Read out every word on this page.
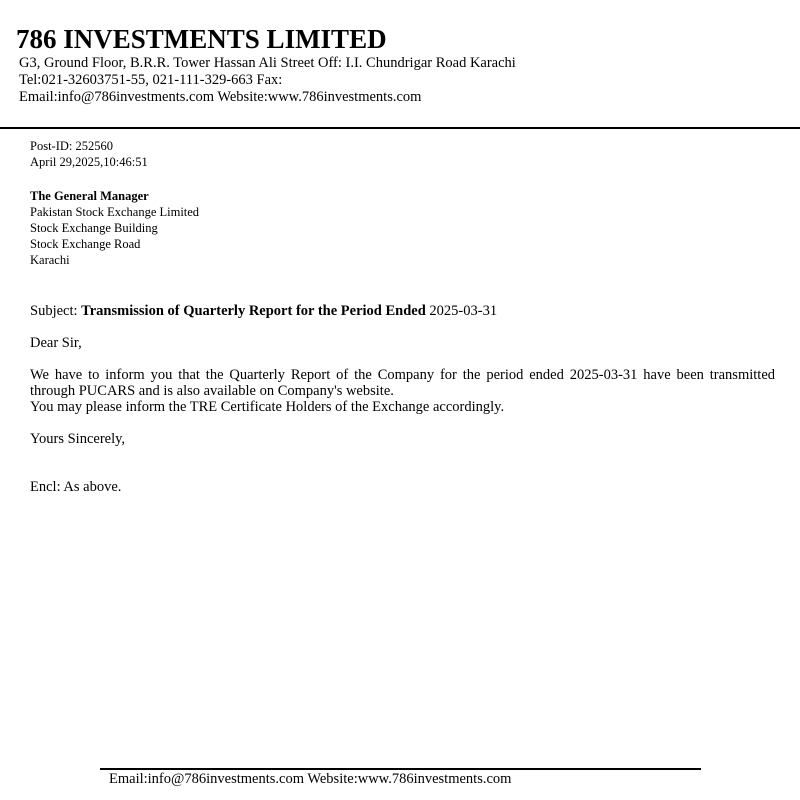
786 INVESTMENTS LIMITED
G3, Ground Floor, B.R.R. Tower Hassan Ali Street Off: I.I. Chundrigar Road Karachi
Tel:021-32603751-55, 021-111-329-663 Fax:
Email:info@786investments.com Website:www.786investments.com
Post-ID: 252560
April 29,2025,10:46:51
The General Manager
Pakistan Stock Exchange Limited
Stock Exchange Building
Stock Exchange Road
Karachi
Subject: Transmission of Quarterly Report for the Period Ended 2025-03-31
Dear Sir,
We have to inform you that the Quarterly Report of the Company for the period ended 2025-03-31 have been transmitted through PUCARS and is also available on Company's website.
You may please inform the TRE Certificate Holders of the Exchange accordingly.
Yours Sincerely,
Encl: As above.
Email:info@786investments.com Website:www.786investments.com
